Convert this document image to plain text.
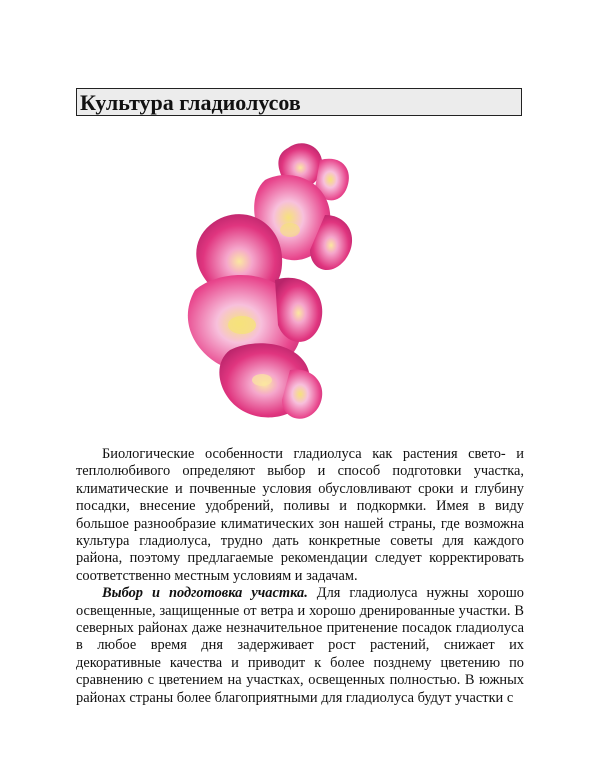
Культура гладиолусов

Биологические особенности гладиолуса как растения свето- и теплолюбивого определяют выбор и способ подготовки участка, климатические и почвенные условия обусловливают сроки и глубину посадки, внесение удобрений, поливы и подкормки. Имея в виду большое разнообразие климатических зон нашей страны, где возможна культура гладиолуса, трудно дать конкретные советы для каждого района, поэтому предлагаемые рекомендации следует корректировать соответственно местным условиям и задачам.

Выбор и подготовка участка. Для гладиолуса нужны хорошо освещенные, защищенные от ветра и хорошо дренированные участки. В северных районах даже незначительное притенение посадок гладиолуса в любое время дня задерживает рост растений, снижает их декоративные качества и приводит к более позднему цветению по сравнению с цветением на участках, освещенных полностью. В южных районах страны более благоприятными для гладиолуса будут участки с
